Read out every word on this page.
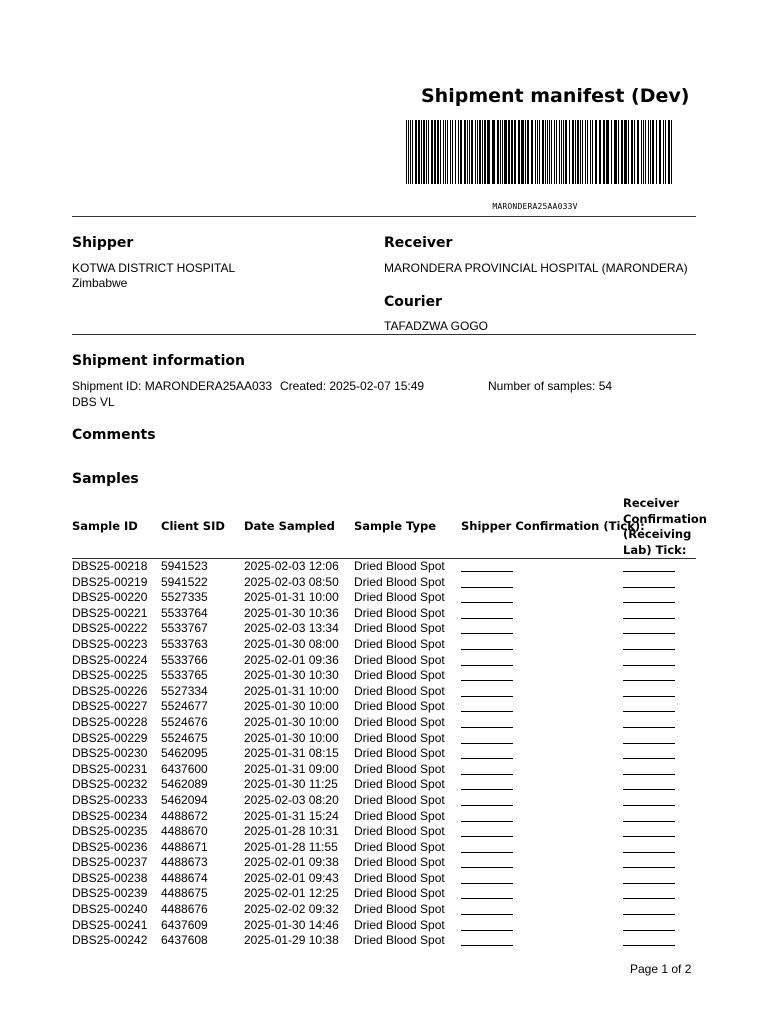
Shipment manifest (Dev)
MARONDERA25AA033V
Shipper
KOTWA DISTRICT HOSPITAL
Zimbabwe
Receiver
MARONDERA PROVINCIAL HOSPITAL (MARONDERA)
Courier
TAFADZWA GOGO
Shipment information
Shipment ID: MARONDERA25AA033 Created: 2025-02-07 15:49	Number of samples: 54
DBS VL
Comments
Samples
Sample ID Client SID Date Sampled Sample Type Shipper Confirmation (Tick):
Receiver
Confirmation
(Receiving
Lab) Tick:
DBS25-00218 5941523	2025-02-03 12:06 Dried Blood Spot
DBS25-00219 5941522	2025-02-03 08:50 Dried Blood Spot
DBS25-00220 5527335	2025-01-31 10:00 Dried Blood Spot
DBS25-00221 5533764	2025-01-30 10:36 Dried Blood Spot
DBS25-00222 5533767	2025-02-03 13:34 Dried Blood Spot
DBS25-00223 5533763	2025-01-30 08:00 Dried Blood Spot
DBS25-00224 5533766	2025-02-01 09:36 Dried Blood Spot
DBS25-00225 5533765	2025-01-30 10:30 Dried Blood Spot
DBS25-00226 5527334	2025-01-31 10:00 Dried Blood Spot
DBS25-00227 5524677	2025-01-30 10:00 Dried Blood Spot
DBS25-00228 5524676	2025-01-30 10:00 Dried Blood Spot
DBS25-00229 5524675	2025-01-30 10:00 Dried Blood Spot
DBS25-00230 5462095	2025-01-31 08:15 Dried Blood Spot
DBS25-00231 6437600	2025-01-31 09:00 Dried Blood Spot
DBS25-00232 5462089	2025-01-30 11:25 Dried Blood Spot
DBS25-00233 5462094	2025-02-03 08:20 Dried Blood Spot
DBS25-00234 4488672	2025-01-31 15:24 Dried Blood Spot
DBS25-00235 4488670	2025-01-28 10:31 Dried Blood Spot
DBS25-00236 4488671	2025-01-28 11:55 Dried Blood Spot
DBS25-00237 4488673	2025-02-01 09:38 Dried Blood Spot
DBS25-00238 4488674	2025-02-01 09:43 Dried Blood Spot
DBS25-00239 4488675	2025-02-01 12:25 Dried Blood Spot
DBS25-00240 4488676	2025-02-02 09:32 Dried Blood Spot
DBS25-00241 6437609	2025-01-30 14:46 Dried Blood Spot
DBS25-00242 6437608	2025-01-29 10:38 Dried Blood Spot
Page 1 of 2
